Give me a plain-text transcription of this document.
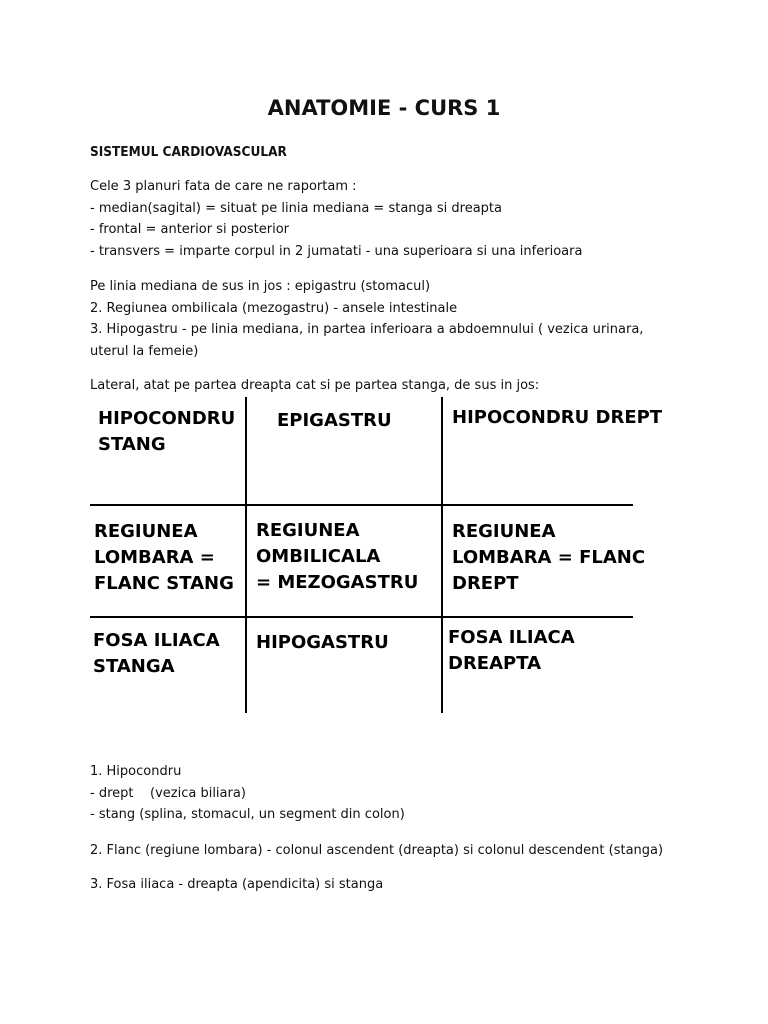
ANATOMIE - CURS 1
SISTEMUL CARDIOVASCULAR
Cele 3 planuri fata de care ne raportam :
- median(sagital) = situat pe linia mediana = stanga si dreapta
- frontal = anterior si posterior
- transvers = imparte corpul in 2 jumatati - una superioara si una inferioara
Pe linia mediana de sus in jos : epigastru (stomacul)
2. Regiunea ombilicala (mezogastru) - ansele intestinale
3. Hipogastru - pe linia mediana, in partea inferioara a abdoemnului ( vezica urinara, uterul la femeie)
Lateral, atat pe partea dreapta cat si pe partea stanga, de sus in jos:
HIPOCONDRU
STANG
EPIGASTRU	HIPOCONDRU DREPT
REGIUNEA
LOMBARA =
FLANC STANG
REGIUNEA
OMBILICALA
= MEZOGASTRU
REGIUNEA
LOMBARA = FLANC
DREPT
FOSA ILIACA
STANGA
HIPOGASTRU	FOSA ILIACA
DREAPTA
1. Hipocondru
- drept    (vezica biliara)
- stang (splina, stomacul, un segment din colon)
2. Flanc (regiune lombara) - colonul ascendent (dreapta) si colonul descendent (stanga)
3. Fosa iliaca - dreapta (apendicita) si stanga
